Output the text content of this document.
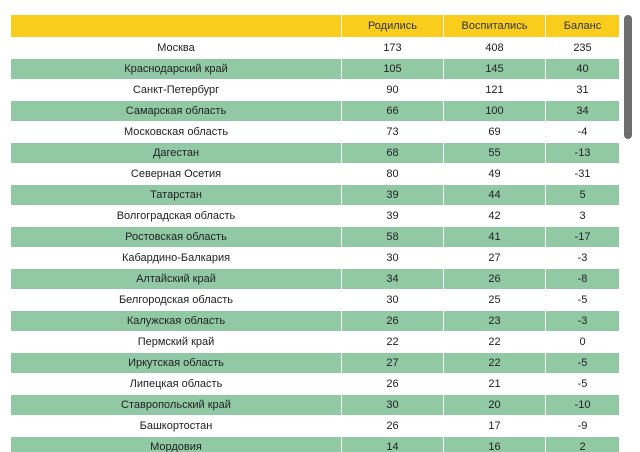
	Родились	Воспитались	Баланс
Москва	173	408	235
Краснодарский край	105	145	40
Санкт-Петербург	90	121	31
Самарская область	66	100	34
Московская область	73	69	-4
Дагестан	68	55	-13
Северная Осетия	80	49	-31
Татарстан	39	44	5
Волгоградская область	39	42	3
Ростовская область	58	41	-17
Кабардино-Балкария	30	27	-3
Алтайский край	34	26	-8
Белгородская область	30	25	-5
Калужская область	26	23	-3
Пермский край	22	22	0
Иркутская область	27	22	-5
Липецкая область	26	21	-5
Ставропольский край	30	20	-10
Башкортостан	26	17	-9
Мордовия	14	16	2
